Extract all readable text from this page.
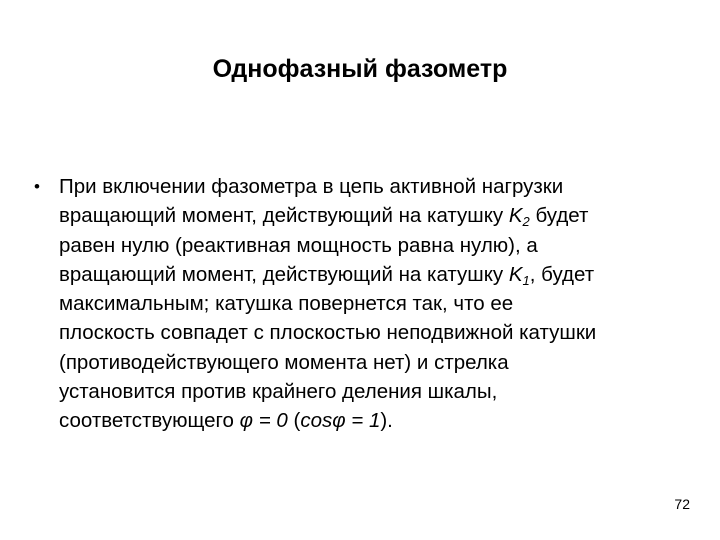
Однофазный фазометр
• При включении фазометра в цепь активной нагрузки
вращающий момент, действующий на катушку $K_2$ будет
равен нулю (реактивная мощность равна нулю), а
вращающий момент, действующий на катушку $K_1$, будет
максимальным; катушка повернется так, что ее
плоскость совпадет с плоскостью неподвижной катушки
(противодействующего момента нет) и стрелка
установится против крайнего деления шкалы,
соответствующего φ = 0 (cosφ = 1).
72
